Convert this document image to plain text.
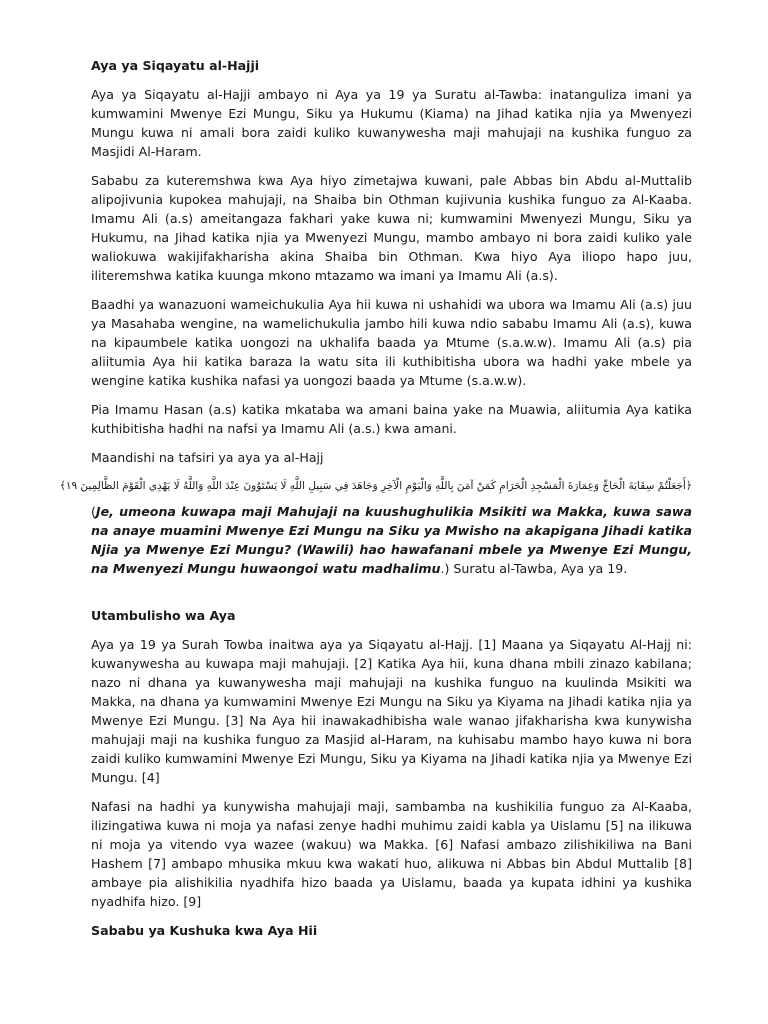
Aya ya Siqayatu al-Hajji

Aya ya Siqayatu al-Hajji ambayo ni Aya ya 19 ya Suratu al-Tawba: inatanguliza imani ya kumwamini Mwenye Ezi Mungu, Siku ya Hukumu (Kiama) na Jihad katika njia ya Mwenyezi Mungu kuwa ni amali bora zaidi kuliko kuwanywesha maji mahujaji na kushika funguo za Masjidi Al-Haram.

Sababu za kuteremshwa kwa Aya hiyo zimetajwa kuwani, pale Abbas bin Abdu al-Muttalib alipojivunia kupokea mahujaji, na Shaiba bin Othman kujivunia kushika funguo za Al-Kaaba. Imamu Ali (a.s) ameitangaza fakhari yake kuwa ni; kumwamini Mwenyezi Mungu, Siku ya Hukumu, na Jihad katika njia ya Mwenyezi Mungu, mambo ambayo ni bora zaidi kuliko yale waliokuwa wakijifakharisha akina Shaiba bin Othman. Kwa hiyo Aya iliopo hapo juu, iliteremshwa katika kuunga mkono mtazamo wa imani ya Imamu Ali (a.s).

Baadhi ya wanazuoni wameichukulia Aya hii kuwa ni ushahidi wa ubora wa Imamu Ali (a.s) juu ya Masahaba wengine, na wamelichukulia jambo hili kuwa ndio sababu Imamu Ali (a.s), kuwa na kipaumbele katika uongozi na ukhalifa baada ya Mtume (s.a.w.w). Imamu Ali (a.s) pia aliitumia Aya hii katika baraza la watu sita ili kuthibitisha ubora wa hadhi yake mbele ya wengine katika kushika nafasi ya uongozi baada ya Mtume (s.a.w.w).

Pia Imamu Hasan (a.s) katika mkataba wa amani baina yake na Muawia, aliitumia Aya katika kuthibitisha hadhi na nafsi ya Imamu Ali (a.s.) kwa amani.

Maandishi na tafsiri ya aya ya al-Hajj

﴿أَجَعَلْتُمْ سِقَايَةَ الْحَاجِّ وَعِمَارَةَ الْمَسْجِدِ الْحَرَامِ كَمَنْ آمَنَ بِاللَّهِ وَالْيَوْمِ الْآخِرِ وَجَاهَدَ فِي سَبِيلِ اللَّهِ لَا يَسْتَوُونَ عِنْدَ اللَّهِ وَاللَّهُ لَا يَهْدِي الْقَوْمَ الظَّالِمِينَ ١٩﴾

(Je, umeona kuwapa maji Mahujaji na kuushughulikia Msikiti wa Makka, kuwa sawa na anaye muamini Mwenye Ezi Mungu na Siku ya Mwisho na akapigana Jihadi katika Njia ya Mwenye Ezi Mungu? (Wawili) hao hawafanani mbele ya Mwenye Ezi Mungu, na Mwenyezi Mungu huwaongoi watu madhalimu.) Suratu al-Tawba, Aya ya 19.

Utambulisho wa Aya

Aya ya 19 ya Surah Towba inaitwa aya ya Siqayatu al-Hajj. [1] Maana ya Siqayatu Al-Hajj ni: kuwanywesha au kuwapa maji mahujaji. [2] Katika Aya hii, kuna dhana mbili zinazo kabilana; nazo ni dhana ya kuwanywesha maji mahujaji na kushika funguo na kuulinda Msikiti wa Makka, na dhana ya kumwamini Mwenye Ezi Mungu na Siku ya Kiyama na Jihadi katika njia ya Mwenye Ezi Mungu. [3] Na Aya hii inawakadhibisha wale wanao jifakharisha kwa kunywisha mahujaji maji na kushika funguo za Masjid al-Haram, na kuhisabu mambo hayo kuwa ni bora zaidi kuliko kumwamini Mwenye Ezi Mungu, Siku ya Kiyama na Jihadi katika njia ya Mwenye Ezi Mungu. [4]

Nafasi na hadhi ya kunywisha mahujaji maji, sambamba na kushikilia funguo za Al-Kaaba, ilizingatiwa kuwa ni moja ya nafasi zenye hadhi muhimu zaidi kabla ya Uislamu [5] na ilikuwa ni moja ya vitendo vya wazee (wakuu) wa Makka. [6] Nafasi ambazo zilishikiliwa na Bani Hashem [7] ambapo mhusika mkuu kwa wakati huo, alikuwa ni Abbas bin Abdul Muttalib [8] ambaye pia alishikilia nyadhifa hizo baada ya Uislamu, baada ya kupata idhini ya kushika nyadhifa hizo. [9]

Sababu ya Kushuka kwa Aya Hii
